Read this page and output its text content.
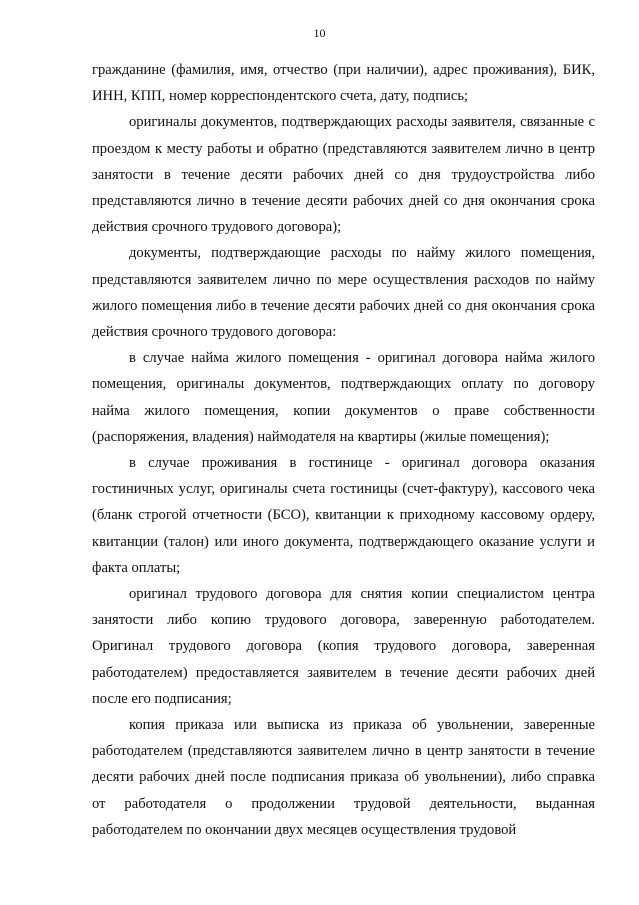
10

гражданине (фамилия, имя, отчество (при наличии), адрес проживания), БИК, ИНН, КПП, номер корреспондентского счета, дату, подпись;

оригиналы документов, подтверждающих расходы заявителя, связанные с проездом к месту работы и обратно (представляются заявителем лично в центр занятости в течение десяти рабочих дней со дня трудоустройства либо представляются лично в течение десяти рабочих дней со дня окончания срока действия срочного трудового договора);

документы, подтверждающие расходы по найму жилого помещения, представляются заявителем лично по мере осуществления расходов по найму жилого помещения либо в течение десяти рабочих дней со дня окончания срока действия срочного трудового договора:

в случае найма жилого помещения - оригинал договора найма жилого помещения, оригиналы документов, подтверждающих оплату по договору найма жилого помещения, копии документов о праве собственности (распоряжения, владения) наймодателя на квартиры (жилые помещения);

в случае проживания в гостинице - оригинал договора оказания гостиничных услуг, оригиналы счета гостиницы (счет-фактуру), кассового чека (бланк строгой отчетности (БСО), квитанции к приходному кассовому ордеру, квитанции (талон) или иного документа, подтверждающего оказание услуги и факта оплаты;

оригинал трудового договора для снятия копии специалистом центра занятости либо копию трудового договора, заверенную работодателем. Оригинал трудового договора (копия трудового договора, заверенная работодателем) предоставляется заявителем в течение десяти рабочих дней после его подписания;

копия приказа или выписка из приказа об увольнении, заверенные работодателем (представляются заявителем лично в центр занятости в течение десяти рабочих дней после подписания приказа об увольнении), либо справка от работодателя о продолжении трудовой деятельности, выданная работодателем по окончании двух месяцев осуществления трудовой
